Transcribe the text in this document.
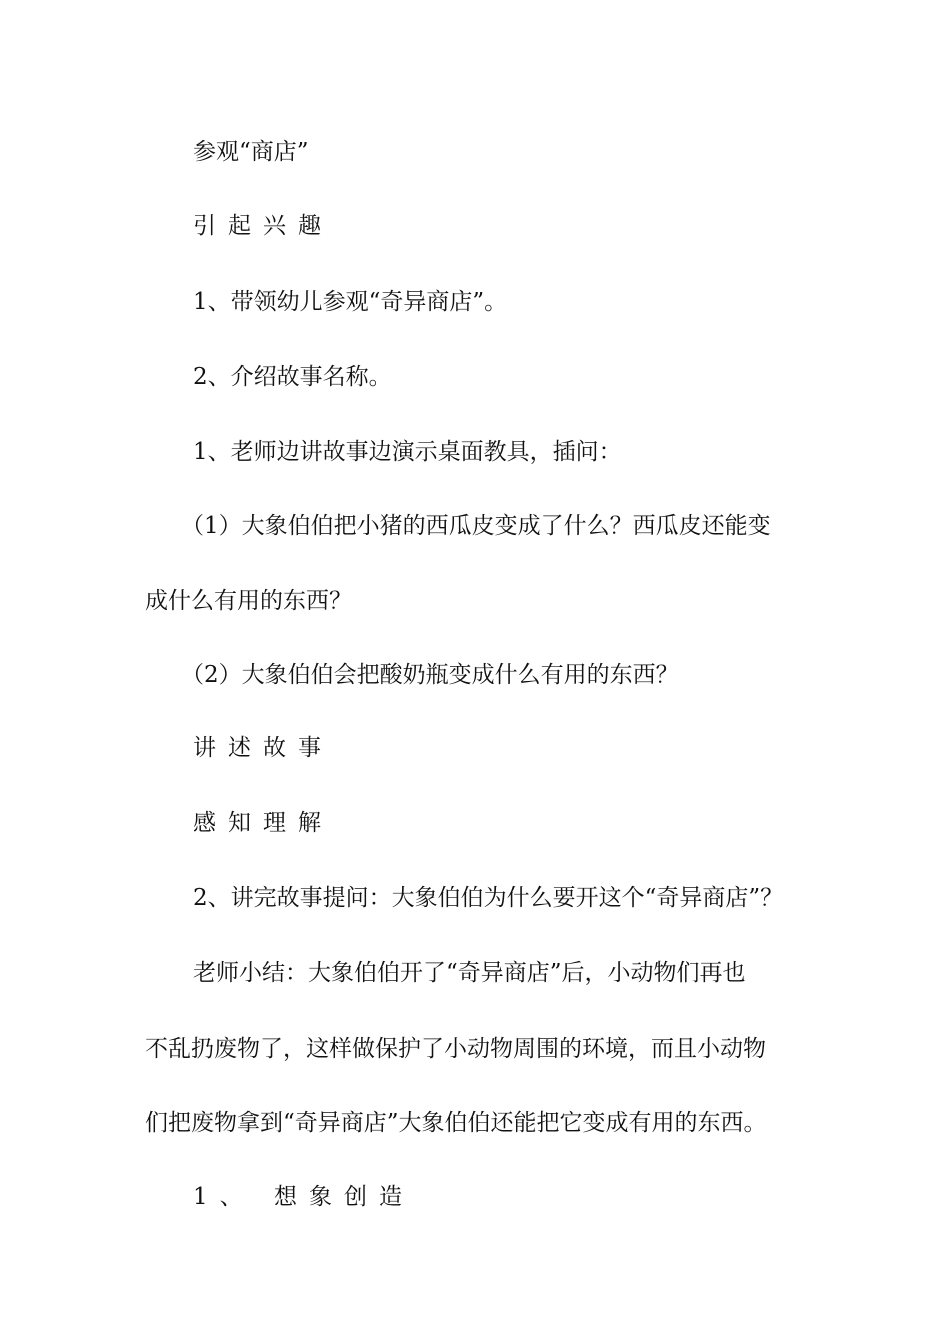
参观“商店”
引起兴趣
1、带领幼儿参观“奇异商店”。
2、介绍故事名称。
1、老师边讲故事边演示桌面教具，插问：
（1）大象伯伯把小猪的西瓜皮变成了什么？西瓜皮还能变
成什么有用的东西？
（2）大象伯伯会把酸奶瓶变成什么有用的东西？
讲述故事
感知理解
2、讲完故事提问：大象伯伯为什么要开这个“奇异商店”？
老师小结：大象伯伯开了“奇异商店”后，小动物们再也
不乱扔废物了，这样做保护了小动物周围的环境，而且小动物
们把废物拿到“奇异商店”大象伯伯还能把它变成有用的东西。
1、 想象创造
